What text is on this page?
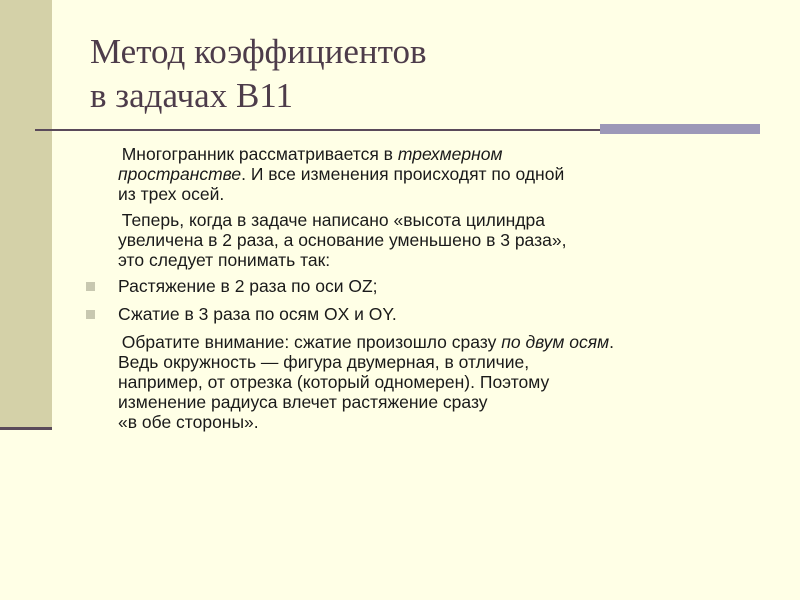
Метод коэффициентов
в задачах B11
Многогранник рассматривается в трехмерном
пространстве. И все изменения происходят по одной
из трех осей.
Теперь, когда в задаче написано «высота цилиндра
увеличена в 2 раза, а основание уменьшено в 3 раза»,
это следует понимать так:
Растяжение в 2 раза по оси OZ;
Сжатие в 3 раза по осям OX и OY.
Обратите внимание: сжатие произошло сразу по двум осям.
Ведь окружность — фигура двумерная, в отличие,
например, от отрезка (который одномерен). Поэтому
изменение радиуса влечет растяжение сразу
«в обе стороны».
